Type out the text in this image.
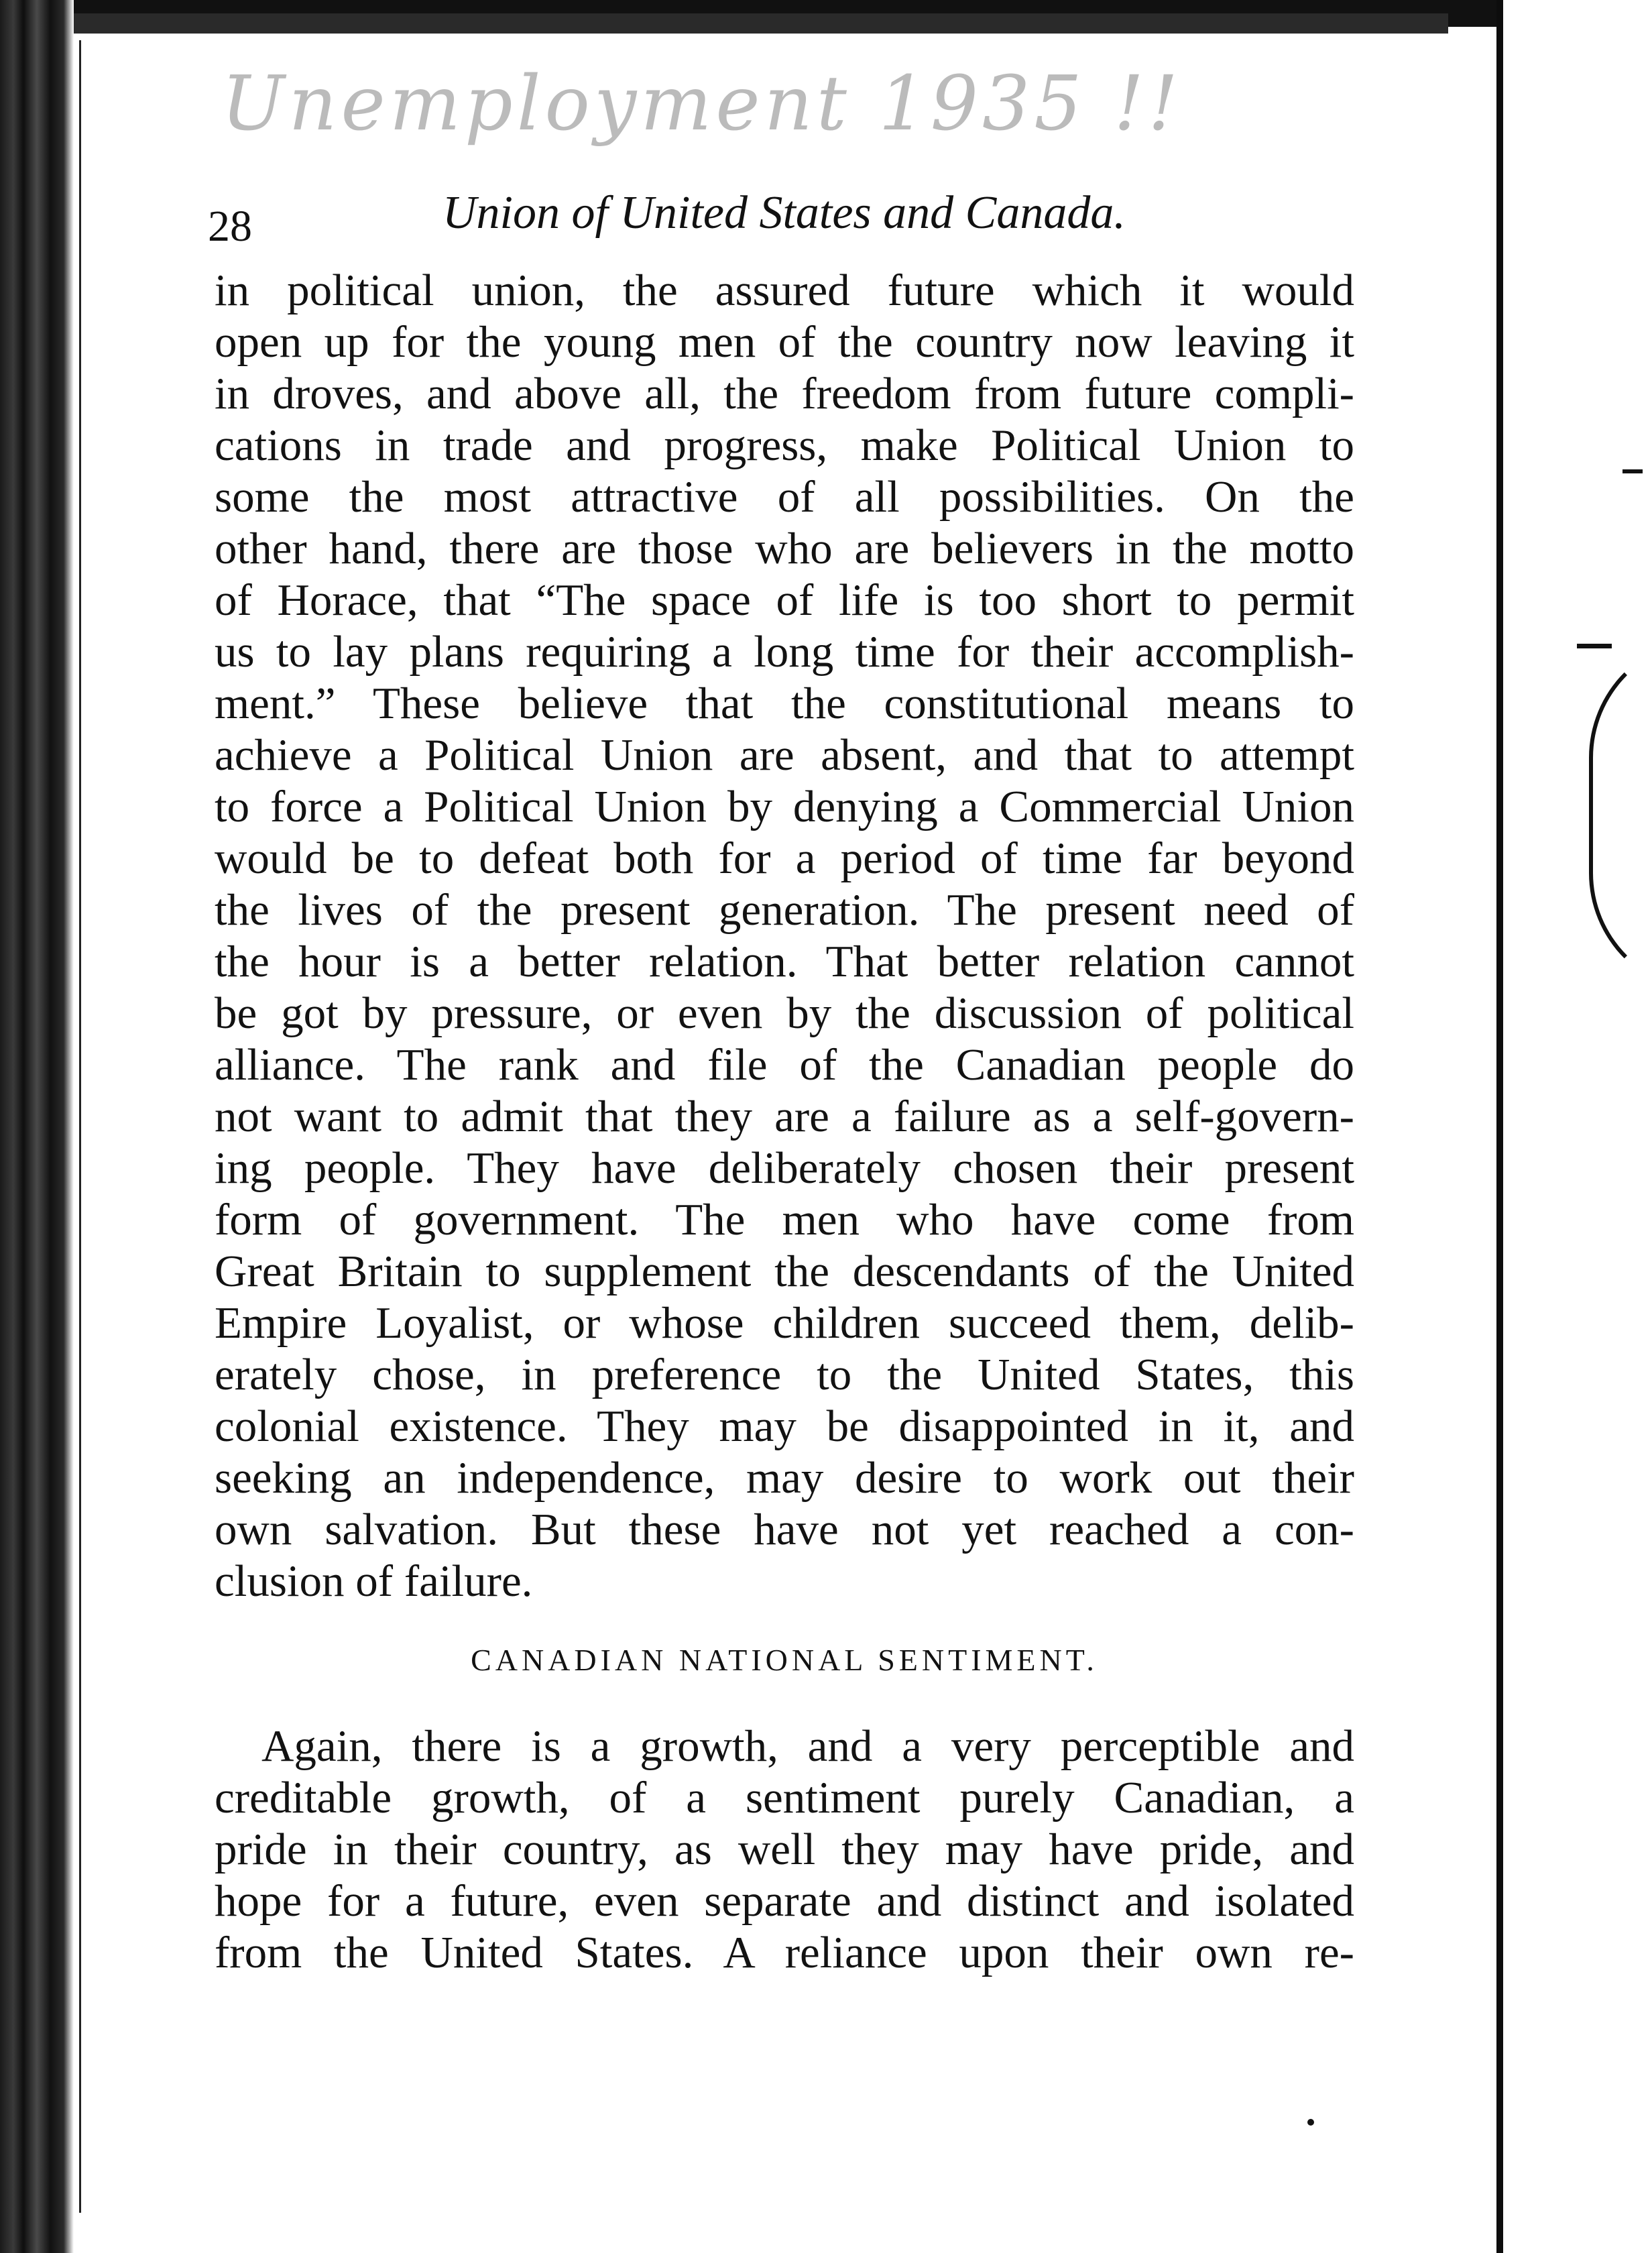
Unemployment 1935 !!
28	Union of United States and Canada.
in political union, the assured future which it would
open up for the young men of the country now leaving it
in droves, and above all, the freedom from future compli-
cations in trade and progress, make Political Union to
some the most attractive of all possibilities. On the
other hand, there are those who are believers in the motto
of Horace, that “The space of life is too short to permit
us to lay plans requiring a long time for their accomplish-
ment.” These believe that the constitutional means to
achieve a Political Union are absent, and that to attempt
to force a Political Union by denying a Commercial Union
would be to defeat both for a period of time far beyond
the lives of the present generation. The present need of
the hour is a better relation. That better relation cannot
be got by pressure, or even by the discussion of political
alliance. The rank and file of the Canadian people do
not want to admit that they are a failure as a self-govern-
ing people. They have deliberately chosen their present
form of government. The men who have come from
Great Britain to supplement the descendants of the United
Empire Loyalist, or whose children succeed them, delib-
erately chose, in preference to the United States, this
colonial existence. They may be disappointed in it, and
seeking an independence, may desire to work out their
own salvation. But these have not yet reached a con-
clusion of failure.
CANADIAN NATIONAL SENTIMENT.
Again, there is a growth, and a very perceptible and
creditable growth, of a sentiment purely Canadian, a
pride in their country, as well they may have pride, and
hope for a future, even separate and distinct and isolated
from the United States. A reliance upon their own re-
